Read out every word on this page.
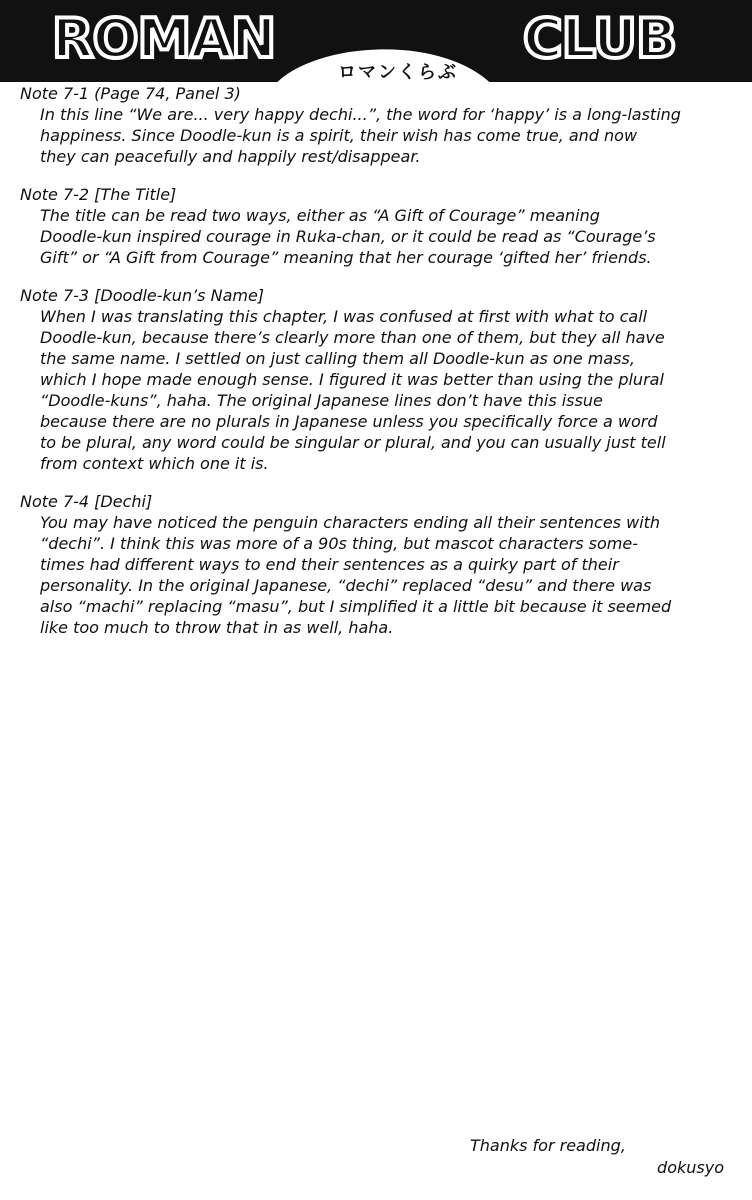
ROMAN	CLUB
ロマンくらぶ

Note 7-1 (Page 74, Panel 3)

In this line “We are... very happy dechi...”, the word for ‘happy’ is a long-lasting
happiness. Since Doodle-kun is a spirit, their wish has come true, and now
they can peacefully and happily rest/disappear.

Note 7-2 [The Title]

The title can be read two ways, either as “A Gift of Courage” meaning
Doodle-kun inspired courage in Ruka-chan, or it could be read as “Courage’s
Gift” or “A Gift from Courage” meaning that her courage ‘gifted her’ friends.

Note 7-3 [Doodle-kun’s Name]

When I was translating this chapter, I was confused at first with what to call
Doodle-kun, because there’s clearly more than one of them, but they all have
the same name. I settled on just calling them all Doodle-kun as one mass,
which I hope made enough sense. I figured it was better than using the plural
“Doodle-kuns”, haha. The original Japanese lines don’t have this issue
because there are no plurals in Japanese unless you specifically force a word
to be plural, any word could be singular or plural, and you can usually just tell
from context which one it is.

Note 7-4 [Dechi]

You may have noticed the penguin characters ending all their sentences with
“dechi”. I think this was more of a 90s thing, but mascot characters some-
times had different ways to end their sentences as a quirky part of their
personality. In the original Japanese, “dechi” replaced “desu” and there was
also “machi” replacing “masu”, but I simplified it a little bit because it seemed
like too much to throw that in as well, haha.

Thanks for reading,
dokusyo
